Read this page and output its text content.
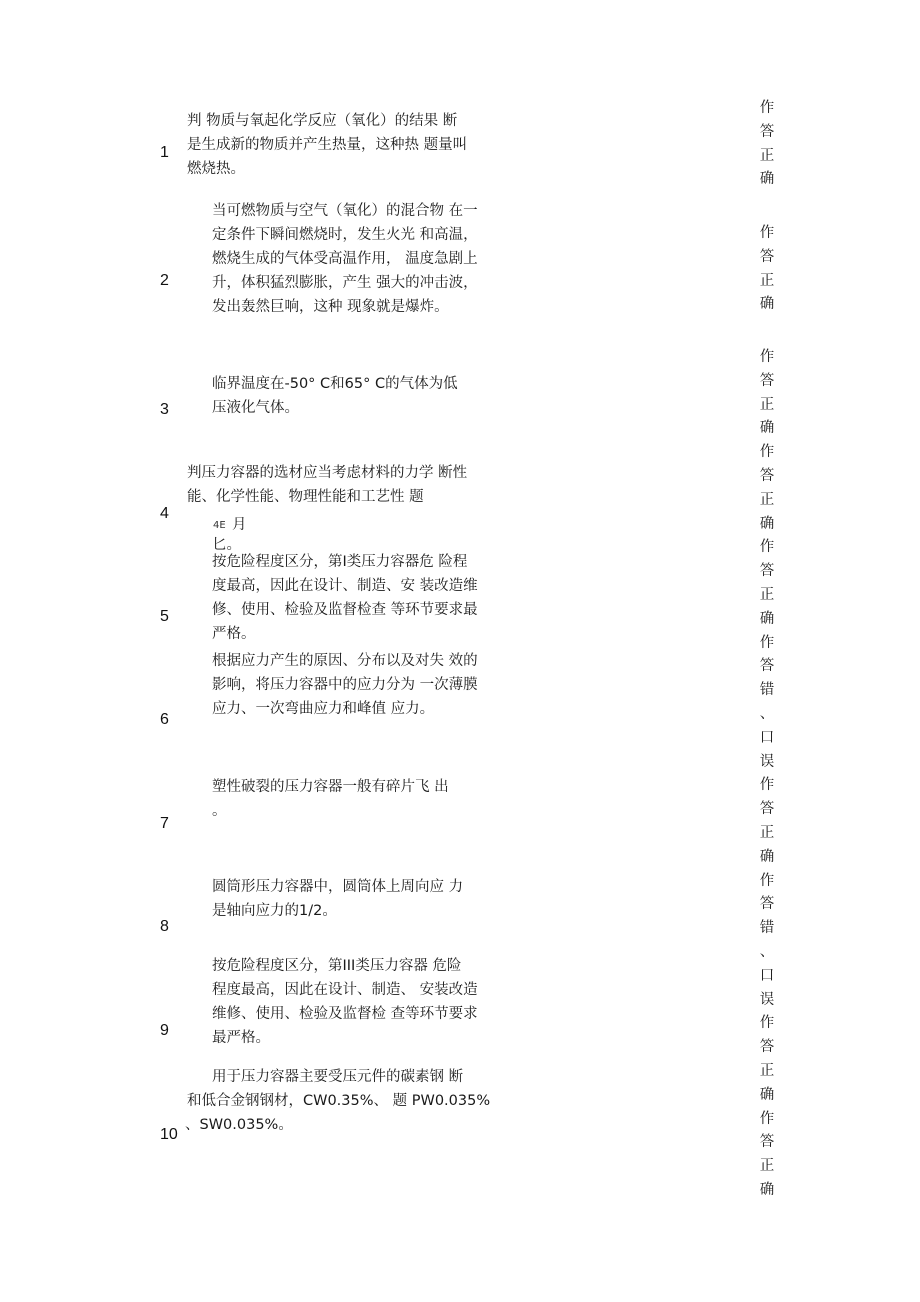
1
判 物质与氧起化学反应（氧化）的结果 断
是生成新的物质并产生热量，这种热 题量叫
燃烧热。
2
当可燃物质与空气（氧化）的混合物 在一
定条件下瞬间燃烧时，发生火光 和高温，
燃烧生成的气体受高温作用， 温度急剧上
升，体积猛烈膨胀，产生 强大的冲击波，
发出轰然巨响，这种 现象就是爆炸。
3
临界温度在-50° C和65° C的气体为低
压液化气体。
4
判压力容器的选材应当考虑材料的力学 断性
能、化学性能、物理性能和工艺性 题
4E 月
匕。
5
按危险程度区分，第I类压力容器危 险程
度最高，因此在设计、制造、安 装改造维
修、使用、检验及监督检查 等环节要求最
严格。
6
根据应力产生的原因、分布以及对失 效的
影响，将压力容器中的应力分为 一次薄膜
应力、一次弯曲应力和峰值 应力。
7
塑性破裂的压力容器一般有碎片飞 出
。
8
圆筒形压力容器中，圆筒体上周向应 力
是轴向应力的1/2。
9
按危险程度区分，第III类压力容器 危险
程度最高，因此在设计、制造、 安装改造
维修、使用、检验及监督检 查等环节要求
最严格。
10
用于压力容器主要受压元件的碳素钢 断
和低合金钢钢材，CW0.35%、 题 PW0.035%
、SW0.035%。
作
答
正
确
作
答
正
确
作
答
正
确
作
答
正
确
作
答
正
确
作
答
错
、
口
误
作
答
正
确
作
答
错
、
口
误
作
答
正
确
作
答
正
确
